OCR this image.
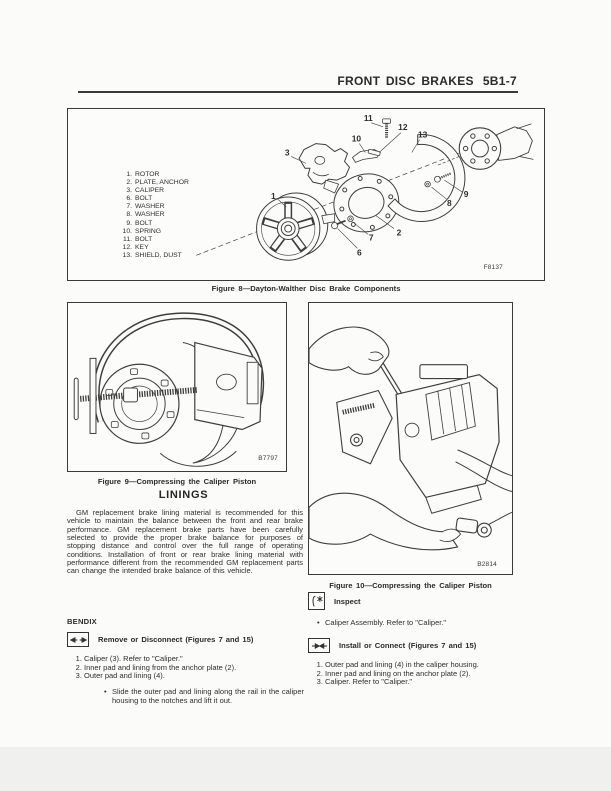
FRONT DISC BRAKES 5B1-7
1. ROTOR
2. PLATE, ANCHOR
3. CALIPER
6. BOLT
7. WASHER
8. WASHER
9. BOLT
10. SPRING
11. BOLT
12. KEY
13. SHIELD, DUST
1
2
3
6
7
8
9
10
11
12
13
F8137
Figure 8—Dayton-Walther Disc Brake Components
B7797
Figure 9—Compressing the Caliper Piston
B2814
Figure 10—Compressing the Caliper Piston
LININGS

GM replacement brake lining material is recommended for this vehicle to maintain the balance between the front and rear brake performance. GM replacement brake parts have been carefully selected to provide the proper brake balance for purposes of stopping distance and control over the full range of operating conditions. Installation of front or rear brake lining material with performance different from the recommended GM replacement parts can change the intended brake balance of this vehicle.

BENDIX
Remove or Disconnect (Figures 7 and 15)
1. Caliper (3). Refer to "Caliper."
2. Inner pad and lining from the anchor plate (2).
3. Outer pad and lining (4).
• Slide the outer pad and lining along the rail in the caliper housing to the notches and lift it out.
Inspect
• Caliper Assembly. Refer to "Caliper."
Install or Connect (Figures 7 and 15)
1. Outer pad and lining (4) in the caliper housing.
2. Inner pad and lining on the anchor plate (2).
3. Caliper. Refer to "Caliper."
